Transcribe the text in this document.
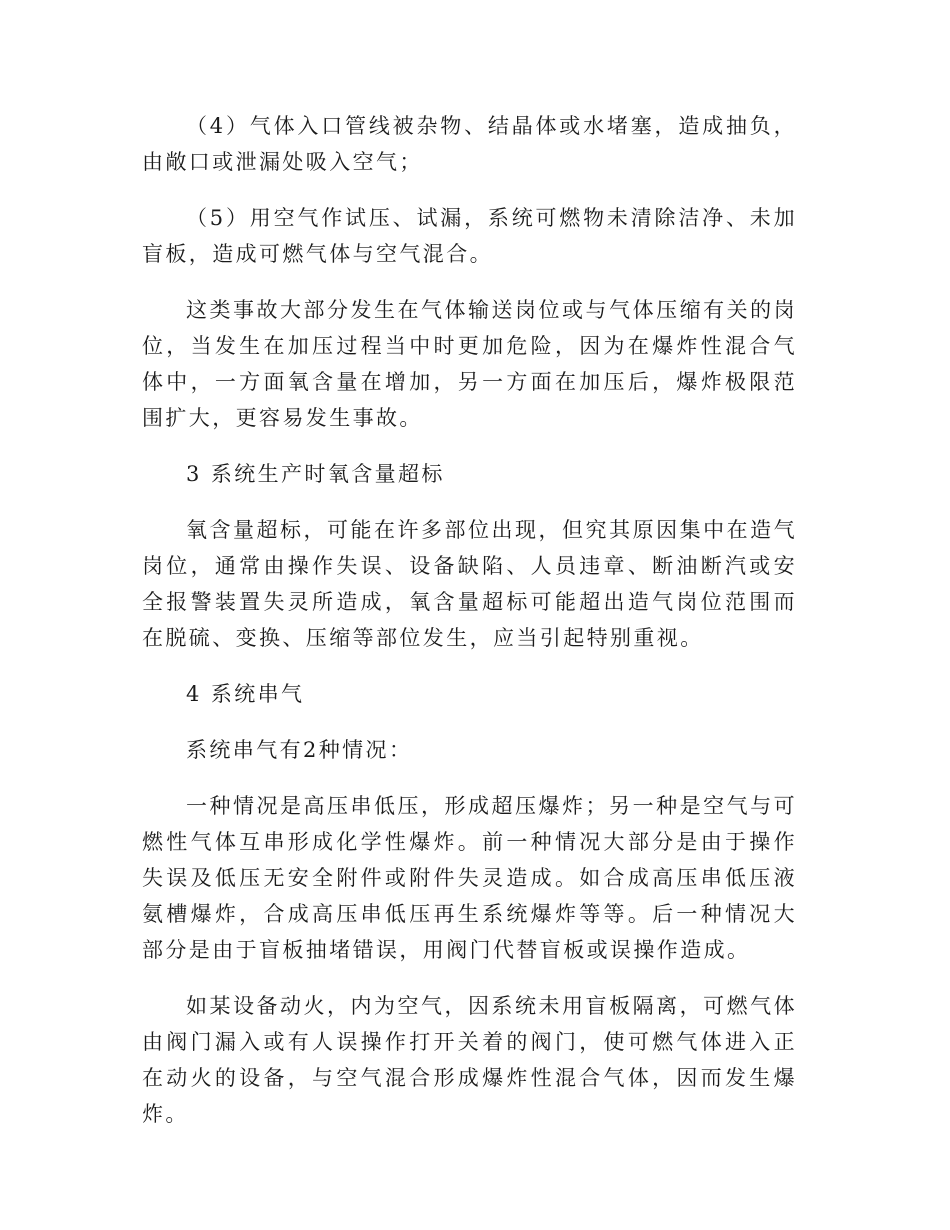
（4）气体入口管线被杂物、结晶体或水堵塞，造成抽负，由敞口或泄漏处吸入空气；

（5）用空气作试压、试漏，系统可燃物未清除洁净、未加盲板，造成可燃气体与空气混合。

这类事故大部分发生在气体输送岗位或与气体压缩有关的岗位，当发生在加压过程当中时更加危险，因为在爆炸性混合气体中，一方面氧含量在增加，另一方面在加压后，爆炸极限范围扩大，更容易发生事故。

3 系统生产时氧含量超标

氧含量超标，可能在许多部位出现，但究其原因集中在造气岗位，通常由操作失误、设备缺陷、人员违章、断油断汽或安全报警装置失灵所造成，氧含量超标可能超出造气岗位范围而在脱硫、变换、压缩等部位发生，应当引起特别重视。

4 系统串气

系统串气有2种情况：

一种情况是高压串低压，形成超压爆炸；另一种是空气与可燃性气体互串形成化学性爆炸。前一种情况大部分是由于操作失误及低压无安全附件或附件失灵造成。如合成高压串低压液氨槽爆炸，合成高压串低压再生系统爆炸等等。后一种情况大部分是由于盲板抽堵错误，用阀门代替盲板或误操作造成。

如某设备动火，内为空气，因系统未用盲板隔离，可燃气体由阀门漏入或有人误操作打开关着的阀门，使可燃气体进入正在动火的设备，与空气混合形成爆炸性混合气体，因而发生爆炸。
